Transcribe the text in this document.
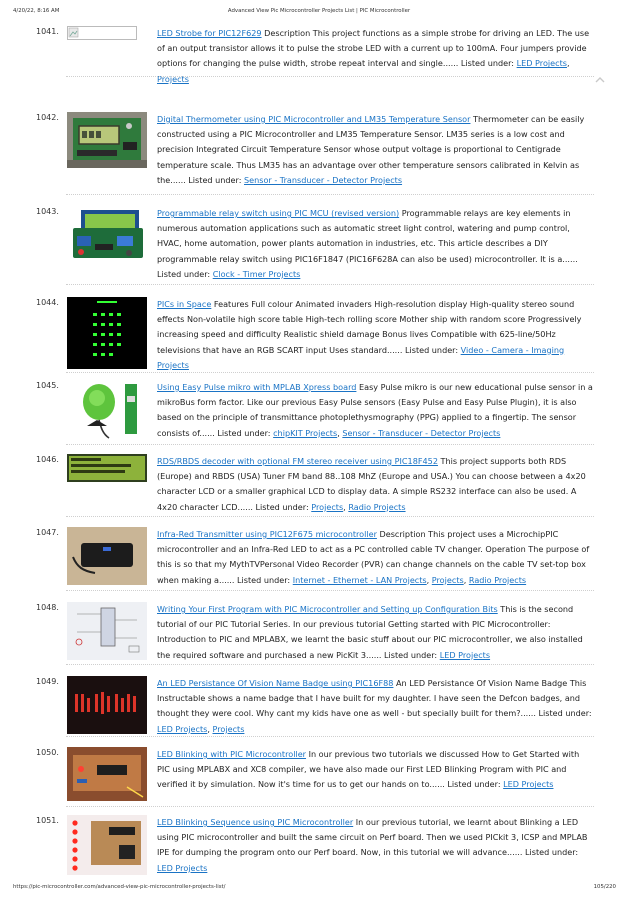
4/20/22, 8:16 AM	Advanced View Pic Microcontroller Projects List | PIC Microcontroller
1041.	LED Strobe for PIC12F629 Description This project functions as a simple strobe for driving an LED. The use of an output transistor allows it to pulse the strobe LED with a current up to 100mA. Four jumpers provide options for changing the pulse width, strobe repeat interval and single...... Listed under: LED Projects, Projects
1042.	Digital Thermometer using PIC Microcontroller and LM35 Temperature Sensor Thermometer can be easily constructed using a PIC Microcontroller and LM35 Temperature Sensor. LM35 series is a low cost and precision Integrated Circuit Temperature Sensor whose output voltage is proportional to Centigrade temperature scale. Thus LM35 has an advantage over other temperature sensors calibrated in Kelvin as the...... Listed under: Sensor - Transducer - Detector Projects
1043.	Programmable relay switch using PIC MCU (revised version) Programmable relays are key elements in numerous automation applications such as automatic street light control, watering and pump control, HVAC, home automation, power plants automation in industries, etc. This article describes a DIY programmable relay switch using PIC16F1847 (PIC16F628A can also be used) microcontroller. It is a...... Listed under: Clock - Timer Projects
1044.	PICs in Space Features Full colour Animated invaders High-resolution display High-quality stereo sound effects Non-volatile high score table High-tech rolling score Mother ship with random score Progressively increasing speed and difficulty Realistic shield damage Bonus lives Compatible with 625-line/50Hz televisions that have an RGB SCART input Uses standard...... Listed under: Video - Camera - Imaging Projects
1045.	Using Easy Pulse mikro with MPLAB Xpress board Easy Pulse mikro is our new educational pulse sensor in a mikroBus form factor. Like our previous Easy Pulse sensors (Easy Pulse and Easy Pulse Plugin), it is also based on the principle of transmittance photoplethysmography (PPG) applied to a fingertip. The sensor consists of...... Listed under: chipKIT Projects, Sensor - Transducer - Detector Projects
1046.	RDS/RBDS decoder with optional FM stereo receiver using PIC18F452 This project supports both RDS (Europe) and RBDS (USA) Tuner FM band 88..108 MhZ (Europe and USA.) You can choose between a 4x20 character LCD or a smaller graphical LCD to display data. A simple RS232 interface can also be used. A 4x20 character LCD...... Listed under: Projects, Radio Projects
1047.	Infra-Red Transmitter using PIC12F675 microcontroller Description This project uses a MicrochipPIC microcontroller and an Infra-Red LED to act as a PC controlled cable TV changer. Operation The purpose of this is so that my MythTVPersonal Video Recorder (PVR) can change channels on the cable TV set-top box when making a...... Listed under: Internet - Ethernet - LAN Projects, Projects, Radio Projects
1048.	Writing Your First Program with PIC Microcontroller and Setting up Configuration Bits This is the second tutorial of our PIC Tutorial Series. In our previous tutorial Getting started with PIC Microcontroller: Introduction to PIC and MPLABX, we learnt the basic stuff about our PIC microcontroller, we also installed the required software and purchased a new PicKit 3...... Listed under: LED Projects
1049.	An LED Persistance Of Vision Name Badge using PIC16F88 An LED Persistance Of Vision Name Badge This Instructable shows a name badge that I have built for my daughter. I have seen the Defcon badges, and thought they were cool. Why cant my kids have one as well - but specially built for them?...... Listed under: LED Projects, Projects
1050.	LED Blinking with PIC Microcontroller In our previous two tutorials we discussed How to Get Started with PIC using MPLABX and XC8 compiler, we have also made our First LED Blinking Program with PIC and verified it by simulation. Now it's time for us to get our hands on to...... Listed under: LED Projects
1051.	LED Blinking Sequence using PIC Microcontroller In our previous tutorial, we learnt about Blinking a LED using PIC microcontroller and built the same circuit on Perf board. Then we used PICkit 3, ICSP and MPLAB IPE for dumping the program onto our Perf board. Now, in this tutorial we will advance...... Listed under: LED Projects
https://pic-microcontroller.com/advanced-view-pic-microcontroller-projects-list/	105/220
